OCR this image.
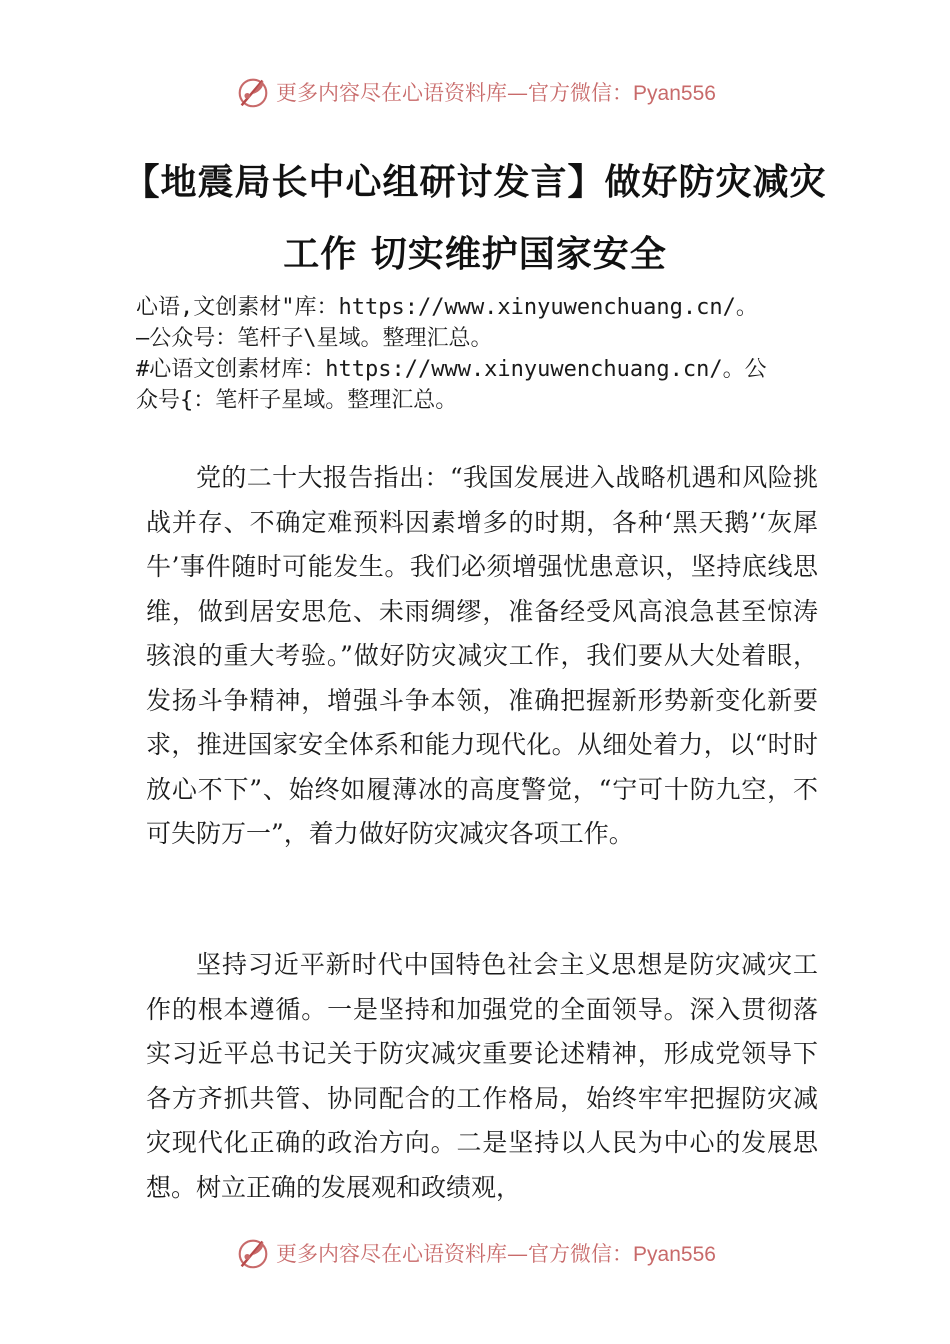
更多内容尽在心语资料库—官方微信：Pyan556
【地震局长中心组研讨发言】做好防灾减灾
工作 切实维护国家安全
心语,文创素材"库：https://www.xinyuwenchuang.cn/。
—公众号：笔杆子\星域。整理汇总。
#心语文创素材库：https://www.xinyuwenchuang.cn/。公
众号{：笔杆子星域。整理汇总。

党的二十大报告指出：“我国发展进入战略机遇和风险挑战并存、不确定难预料因素增多的时期，各种‘黑天鹅’‘灰犀牛’事件随时可能发生。我们必须增强忧患意识，坚持底线思维，做到居安思危、未雨绸缪，准备经受风高浪急甚至惊涛骇浪的重大考验。”做好防灾减灾工作，我们要从大处着眼，发扬斗争精神，增强斗争本领，准确把握新形势新变化新要求，推进国家安全体系和能力现代化。从细处着力，以“时时放心不下”、始终如履薄冰的高度警觉，“宁可十防九空，不可失防万一”，着力做好防灾减灾各项工作。

坚持习近平新时代中国特色社会主义思想是防灾减灾工作的根本遵循。一是坚持和加强党的全面领导。深入贯彻落实习近平总书记关于防灾减灾重要论述精神，形成党领导下各方齐抓共管、协同配合的工作格局，始终牢牢把握防灾减灾现代化正确的政治方向。二是坚持以人民为中心的发展思想。树立正确的发展观和政绩观，

更多内容尽在心语资料库—官方微信：Pyan556
